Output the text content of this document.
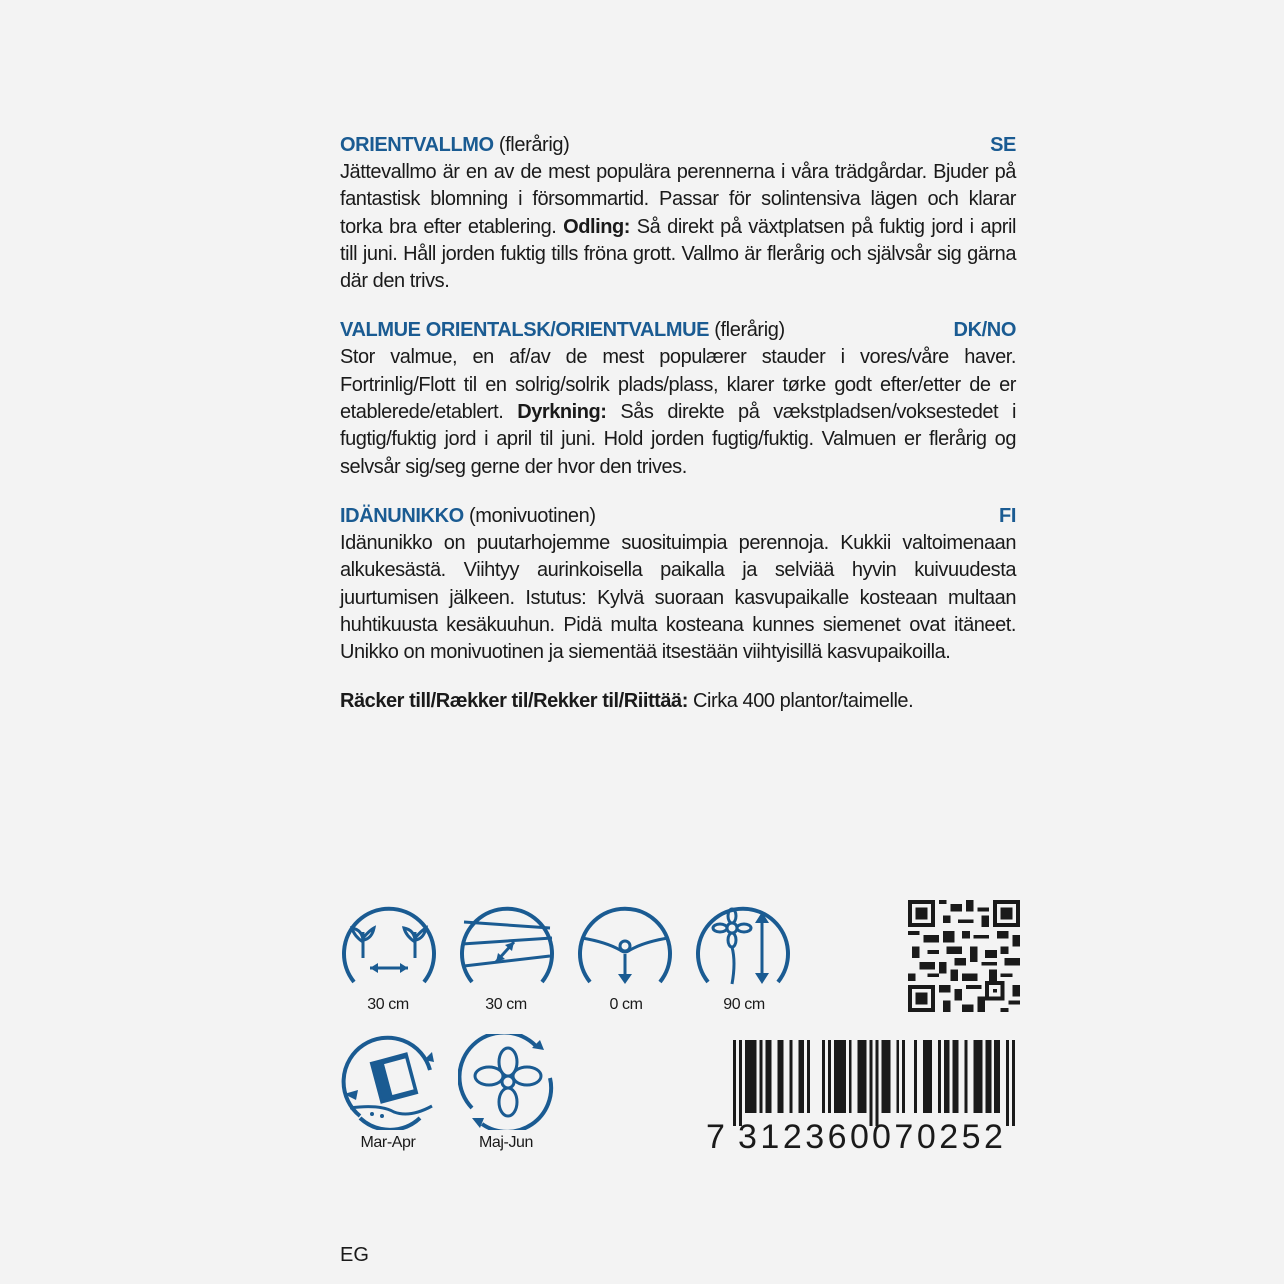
ORIENTVALLMO (flerårig)	SE
Jättevallmo är en av de mest populära perennerna i våra trädgårdar. Bjuder på fantastisk blomning i försommartid. Passar för solintensiva lägen och klarar torka bra efter etablering. Odling: Så direkt på växtplatsen på fuktig jord i april till juni. Håll jorden fuktig tills fröna grott. Vallmo är flerårig och självsår sig gärna där den trivs.
VALMUE ORIENTALSK/ORIENTVALMUE (flerårig)	DK/NO
Stor valmue, en af/av de mest populærer stauder i vores/våre haver. Fortrinlig/Flott til en solrig/solrik plads/plass, klarer tørke godt efter/etter de er etablerede/etablert. Dyrkning: Sås direkte på vækstpladsen/voksestedet i fugtig/fuktig jord i april til juni. Hold jorden fugtig/fuktig. Valmuen er flerårig og selvsår sig/seg gerne der hvor den trives.
IDÄNUNIKKO (monivuotinen)	FI
Idänunikko on puutarhojemme suosituimpia perennoja. Kukkii valtoimenaan alkukesästä. Viihtyy aurinkoisella paikalla ja selviää hyvin kuivuudesta juurtumisen jälkeen. Istutus: Kylvä suoraan kasvupaikalle kosteaan multaan huhtikuusta kesäkuuhun. Pidä multa kosteana kunnes siemenet ovat itäneet. Unikko on monivuotinen ja siementää itsestään viihtyisillä kasvupaikoilla.
Räcker till/Rækker til/Rekker til/Riittää: Cirka 400 plantor/taimelle.
30 cm	30 cm	0 cm	90 cm
Mar-Apr	Maj-Jun	7 312360 070252
EG
